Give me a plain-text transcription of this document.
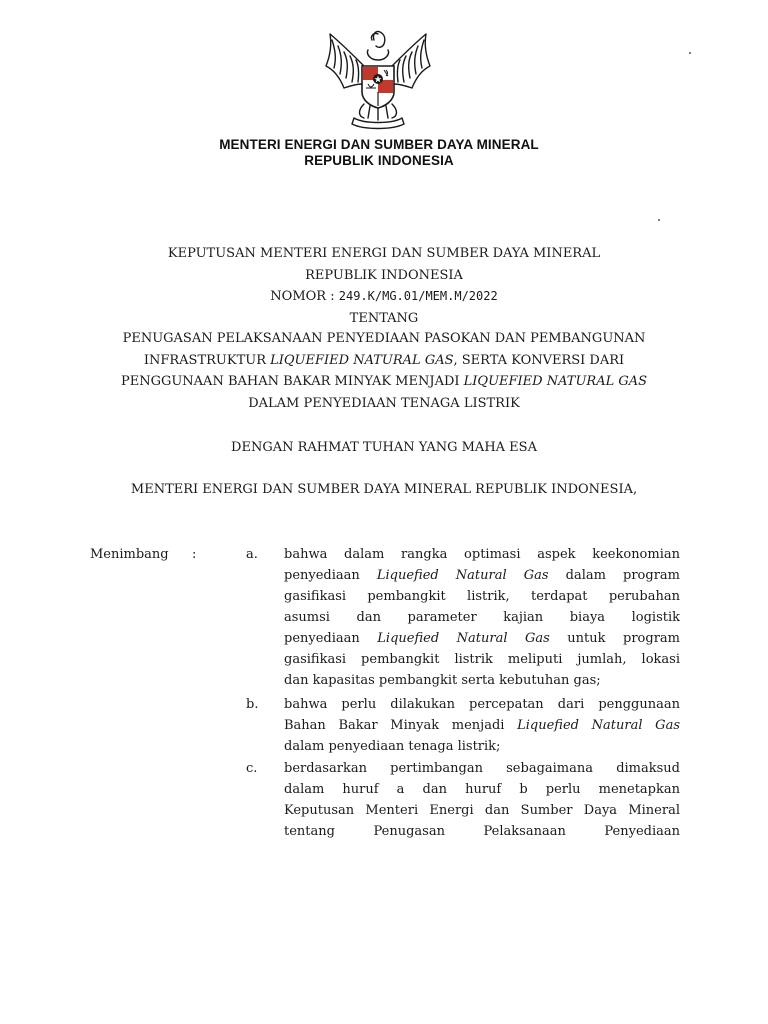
MENTERI ENERGI DAN SUMBER DAYA MINERAL
REPUBLIK INDONESIA
KEPUTUSAN MENTERI ENERGI DAN SUMBER DAYA MINERAL
REPUBLIK INDONESIA
NOMOR : 249.K/MG.01/MEM.M/2022
TENTANG
PENUGASAN PELAKSANAAN PENYEDIAAN PASOKAN DAN PEMBANGUNAN
INFRASTRUKTUR LIQUEFIED NATURAL GAS, SERTA KONVERSI DARI
PENGGUNAAN BAHAN BAKAR MINYAK MENJADI LIQUEFIED NATURAL GAS
DALAM PENYEDIAAN TENAGA LISTRIK
DENGAN RAHMAT TUHAN YANG MAHA ESA
MENTERI ENERGI DAN SUMBER DAYA MINERAL REPUBLIK INDONESIA,
Menimbang :	a. bahwa dalam rangka optimasi aspek keekonomian
penyediaan Liquefied Natural Gas dalam program
gasifikasi pembangkit listrik, terdapat perubahan
asumsi dan parameter kajian biaya logistik
penyediaan Liquefied Natural Gas untuk program
gasifikasi pembangkit listrik meliputi jumlah, lokasi
dan kapasitas pembangkit serta kebutuhan gas;
b. bahwa perlu dilakukan percepatan dari penggunaan
Bahan Bakar Minyak menjadi Liquefied Natural Gas
dalam penyediaan tenaga listrik;
c. berdasarkan pertimbangan sebagaimana dimaksud
dalam huruf a dan huruf b perlu menetapkan
Keputusan Menteri Energi dan Sumber Daya Mineral
tentang Penugasan Pelaksanaan Penyediaan
